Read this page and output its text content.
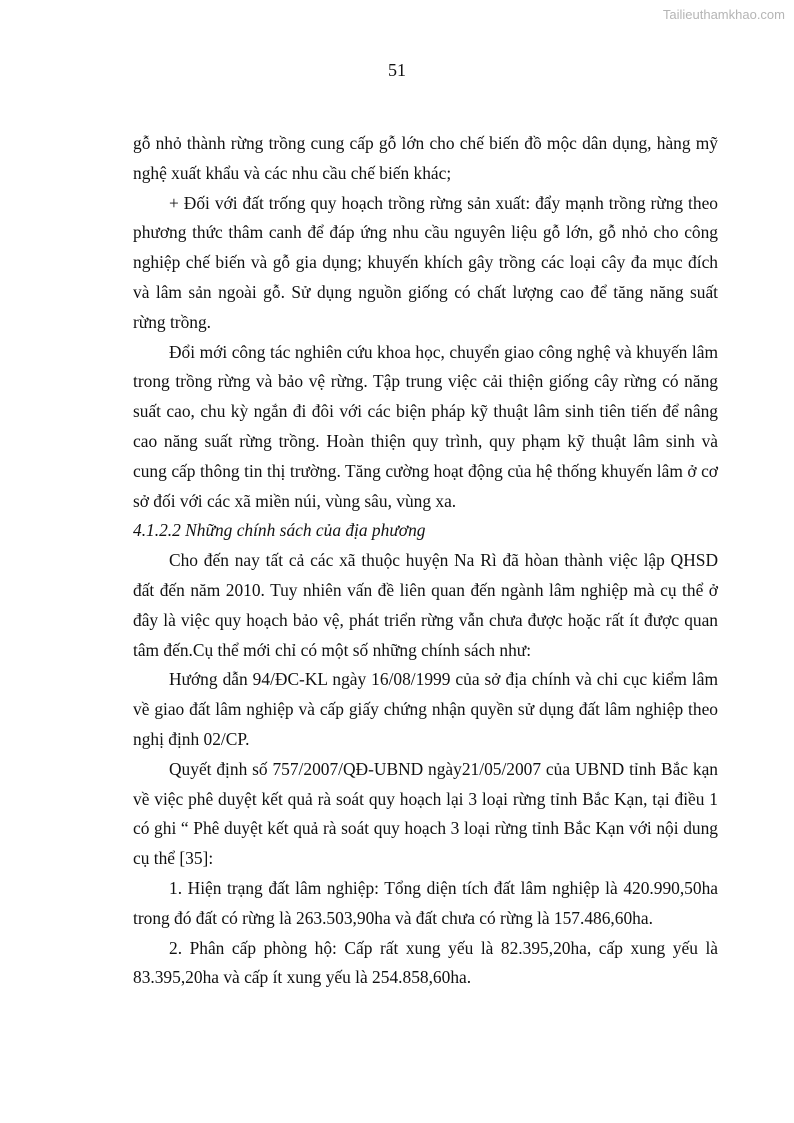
Tailieuthamkhao.com
51

gỗ nhỏ thành rừng trồng cung cấp gỗ lớn cho chế biến đồ mộc dân dụng, hàng mỹ nghệ xuất khẩu và các nhu cầu chế biến khác;

+ Đối với đất trống quy hoạch trồng rừng sản xuất: đẩy mạnh trồng rừng theo phương thức thâm canh để đáp ứng nhu cầu nguyên liệu gỗ lớn, gỗ nhỏ cho công nghiệp chế biến và gỗ gia dụng; khuyến khích gây trồng các loại cây đa mục đích và lâm sản ngoài gỗ. Sử dụng nguồn giống có chất lượng cao để tăng năng suất rừng trồng.

Đổi mới công tác nghiên cứu khoa học, chuyển giao công nghệ và khuyến lâm trong trồng rừng và bảo vệ rừng. Tập trung việc cải thiện giống cây rừng có năng suất cao, chu kỳ ngắn đi đôi với các biện pháp kỹ thuật lâm sinh tiên tiến để nâng cao năng suất rừng trồng. Hoàn thiện quy trình, quy phạm kỹ thuật lâm sinh và cung cấp thông tin thị trường. Tăng cường hoạt động của hệ thống khuyến lâm ở cơ sở đối với các xã miền núi, vùng sâu, vùng xa.

4.1.2.2 Những chính sách của địa phương

Cho đến nay tất cả các xã thuộc huyện Na Rì đã hòan thành việc lập QHSD đất đến năm 2010. Tuy nhiên vấn đề liên quan đến ngành lâm nghiệp mà cụ thể ở đây là việc quy hoạch bảo vệ, phát triển rừng vẫn chưa được hoặc rất ít được quan tâm đến.Cụ thể mới chỉ có một số những chính sách như:

Hướng dẫn 94/ĐC-KL ngày 16/08/1999 của sở địa chính và chi cục kiểm lâm về giao đất lâm nghiệp và cấp giấy chứng nhận quyền sử dụng đất lâm nghiệp theo nghị định 02/CP.

Quyết định số 757/2007/QĐ-UBND ngày21/05/2007 của UBND tỉnh Bắc kạn về việc phê duyệt kết quả rà soát quy hoạch lại 3 loại rừng tỉnh Bắc Kạn, tại điều 1 có ghi “ Phê duyệt kết quả rà soát quy hoạch 3 loại rừng tỉnh Bắc Kạn với nội dung cụ thể [35]:

1. Hiện trạng đất lâm nghiệp: Tổng diện tích đất lâm nghiệp là 420.990,50ha trong đó đất có rừng là 263.503,90ha và đất chưa có rừng là 157.486,60ha.

2. Phân cấp phòng hộ: Cấp rất xung yếu là 82.395,20ha, cấp xung yếu là 83.395,20ha và cấp ít xung yếu là 254.858,60ha.
